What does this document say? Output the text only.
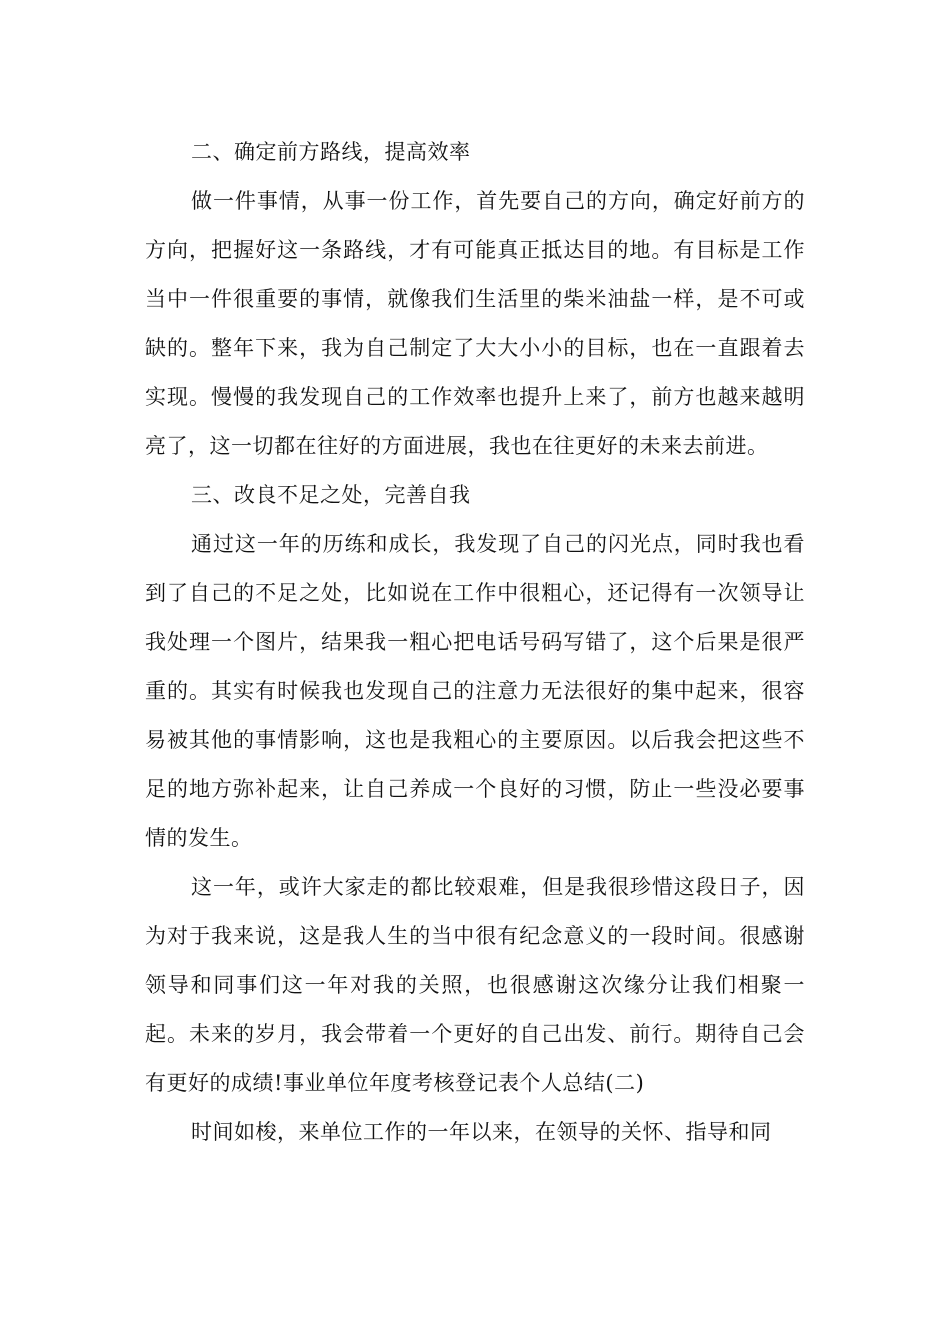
二、确定前方路线，提高效率

做一件事情，从事一份工作，首先要自己的方向，确定好前方的方向，把握好这一条路线，才有可能真正抵达目的地。有目标是工作当中一件很重要的事情，就像我们生活里的柴米油盐一样，是不可或缺的。整年下来，我为自己制定了大大小小的目标，也在一直跟着去实现。慢慢的我发现自己的工作效率也提升上来了，前方也越来越明亮了，这一切都在往好的方面进展，我也在往更好的未来去前进。

三、改良不足之处，完善自我

通过这一年的历练和成长，我发现了自己的闪光点，同时我也看到了自己的不足之处，比如说在工作中很粗心，还记得有一次领导让我处理一个图片，结果我一粗心把电话号码写错了，这个后果是很严重的。其实有时候我也发现自己的注意力无法很好的集中起来，很容易被其他的事情影响，这也是我粗心的主要原因。以后我会把这些不足的地方弥补起来，让自己养成一个良好的习惯，防止一些没必要事情的发生。

这一年，或许大家走的都比较艰难，但是我很珍惜这段日子，因为对于我来说，这是我人生的当中很有纪念意义的一段时间。很感谢领导和同事们这一年对我的关照，也很感谢这次缘分让我们相聚一起。未来的岁月，我会带着一个更好的自己出发、前行。期待自己会有更好的成绩!事业单位年度考核登记表个人总结(二)

时间如梭，来单位工作的一年以来，在领导的关怀、指导和同
